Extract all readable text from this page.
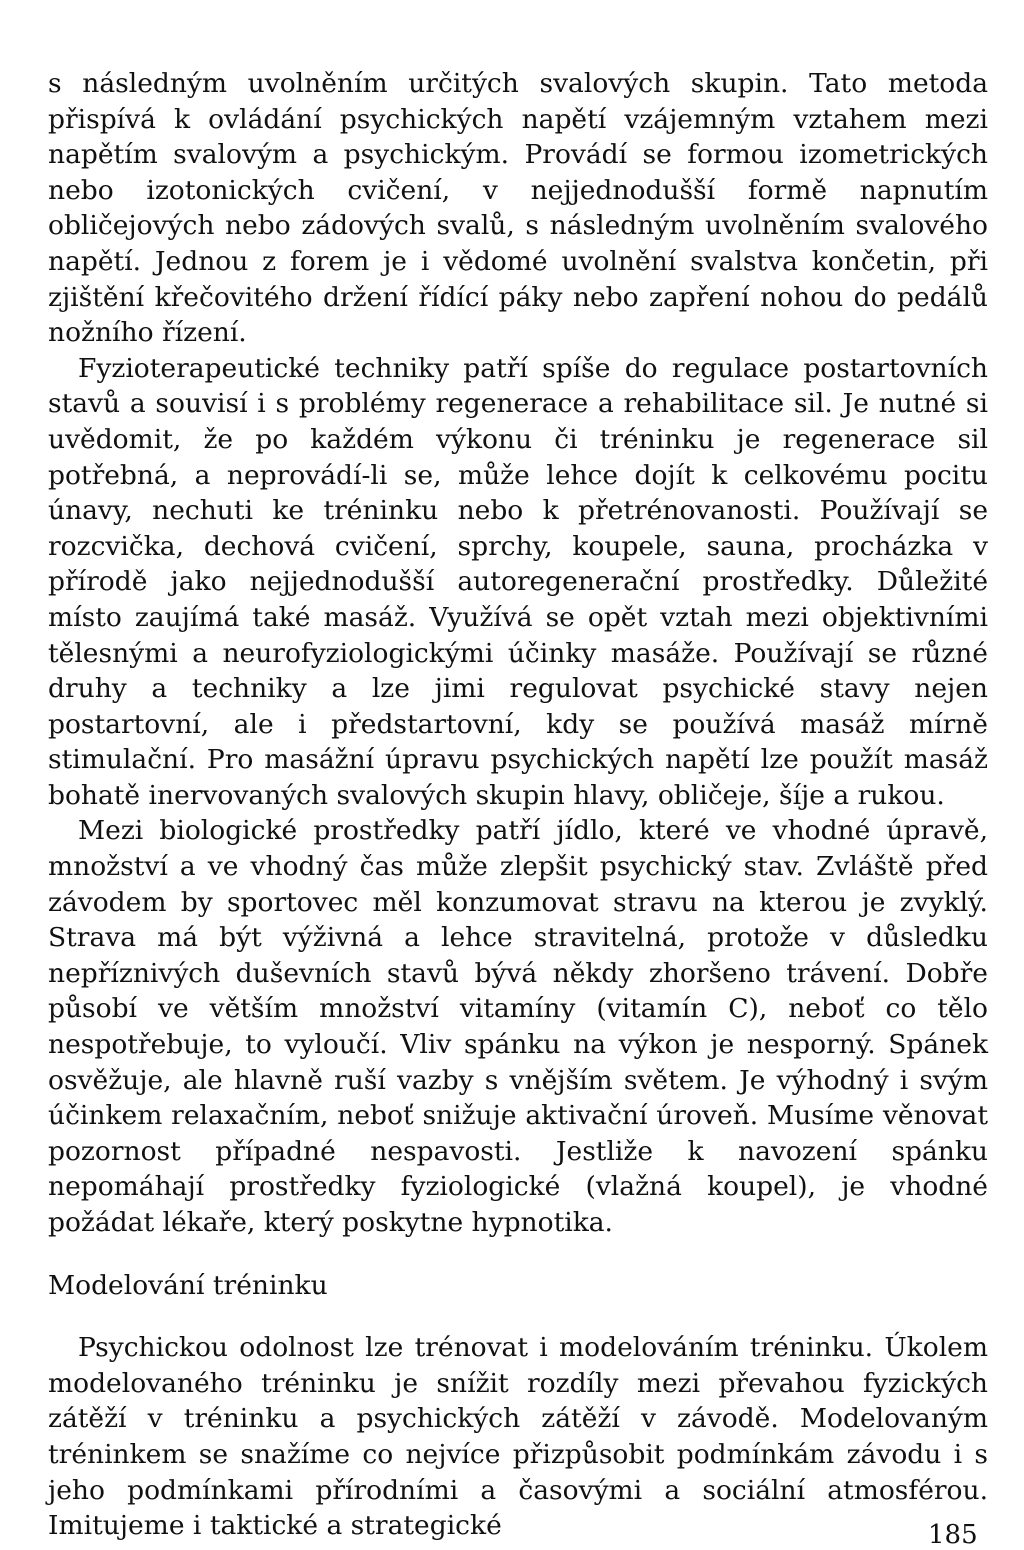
s následným uvolněním určitých svalových skupin. Tato metoda přispívá k ovládání psychických napětí vzájemným vztahem mezi napětím svalovým a psychickým. Provádí se formou izometrických nebo izotonických cvičení, v nejjednodušší formě napnutím obličejových nebo zádových svalů, s následným uvolněním svalového napětí. Jednou z forem je i vědomé uvolnění svalstva končetin, při zjištění křečovitého držení řídící páky nebo zapření nohou do pedálů nožního řízení.

Fyzioterapeutické techniky patří spíše do regulace postartovních stavů a souvisí i s problémy regenerace a rehabilitace sil. Je nutné si uvědomit, že po každém výkonu či tréninku je regenerace sil potřebná, a neprovádí-li se, může lehce dojít k celkovému pocitu únavy, nechuti ke tréninku nebo k přetrénovanosti. Používají se rozcvička, dechová cvičení, sprchy, koupele, sauna, procházka v přírodě jako nejjednodušší autoregenerační prostředky. Důležité místo zaujímá také masáž. Využívá se opět vztah mezi objektivními tělesnými a neurofyziologickými účinky masáže. Používají se různé druhy a techniky a lze jimi regulovat psychické stavy nejen postartovní, ale i předstartovní, kdy se používá masáž mírně stimulační. Pro masážní úpravu psychických napětí lze použít masáž bohatě inervovaných svalových skupin hlavy, obličeje, šíje a rukou.

Mezi biologické prostředky patří jídlo, které ve vhodné úpravě, množství a ve vhodný čas může zlepšit psychický stav. Zvláště před závodem by sportovec měl konzumovat stravu na kterou je zvyklý. Strava má být výživná a lehce stravitelná, protože v důsledku nepříznivých duševních stavů bývá někdy zhoršeno trávení. Dobře působí ve větším množství vitamíny (vitamín C), neboť co tělo nespotřebuje, to vyloučí. Vliv spánku na výkon je nesporný. Spánek osvěžuje, ale hlavně ruší vazby s vnějším světem. Je výhodný i svým účinkem relaxačním, neboť snižuje aktivační úroveň. Musíme věnovat pozornost případné nespavosti. Jestliže k navození spánku nepomáhají prostředky fyziologické (vlažná koupel), je vhodné požádat lékaře, který poskytne hypnotika.

Modelování tréninku

Psychickou odolnost lze trénovat i modelováním tréninku. Úkolem modelovaného tréninku je snížit rozdíly mezi převahou fyzických zátěží v tréninku a psychických zátěží v závodě. Modelovaným tréninkem se snažíme co nejvíce přizpůsobit podmínkám závodu i s jeho podmínkami přírodními a časovými a sociální atmosférou. Imitujeme i taktické a strategické	185
